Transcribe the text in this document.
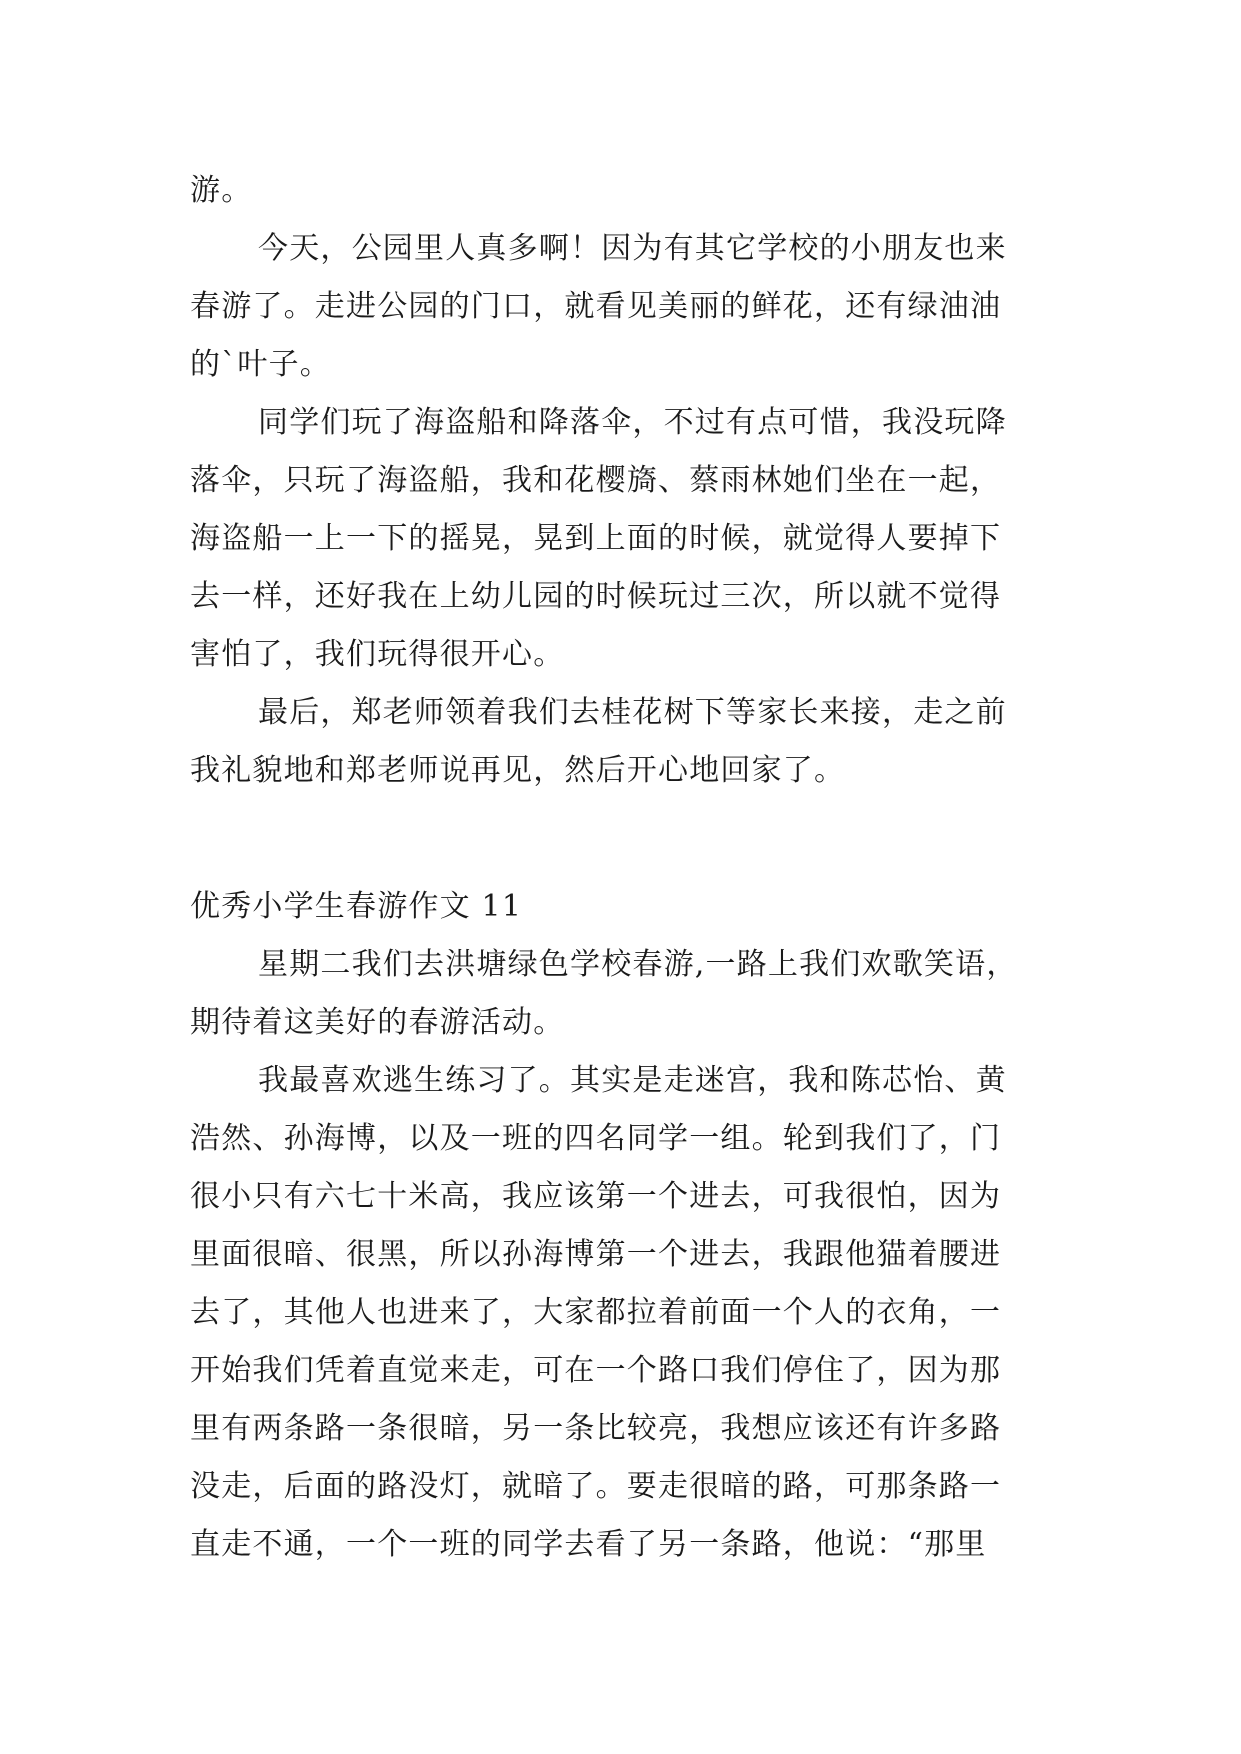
游。
今天，公园里人真多啊！因为有其它学校的小朋友也来
春游了。走进公园的门口，就看见美丽的鲜花，还有绿油油
的`叶子。
同学们玩了海盗船和降落伞，不过有点可惜，我没玩降
落伞，只玩了海盗船，我和花樱旖、蔡雨林她们坐在一起，
海盗船一上一下的摇晃，晃到上面的时候，就觉得人要掉下
去一样，还好我在上幼儿园的时候玩过三次，所以就不觉得
害怕了，我们玩得很开心。
最后，郑老师领着我们去桂花树下等家长来接，走之前
我礼貌地和郑老师说再见，然后开心地回家了。
优秀小学生春游作文 11
星期二我们去洪塘绿色学校春游,一路上我们欢歌笑语，
期待着这美好的春游活动。
我最喜欢逃生练习了。其实是走迷宫，我和陈芯怡、黄
浩然、孙海博，以及一班的四名同学一组。轮到我们了，门
很小只有六七十米高，我应该第一个进去，可我很怕，因为
里面很暗、很黑，所以孙海博第一个进去，我跟他猫着腰进
去了，其他人也进来了，大家都拉着前面一个人的衣角，一
开始我们凭着直觉来走，可在一个路口我们停住了，因为那
里有两条路一条很暗，另一条比较亮，我想应该还有许多路
没走，后面的路没灯，就暗了。要走很暗的路，可那条路一
直走不通，一个一班的同学去看了另一条路，他说：“那里
